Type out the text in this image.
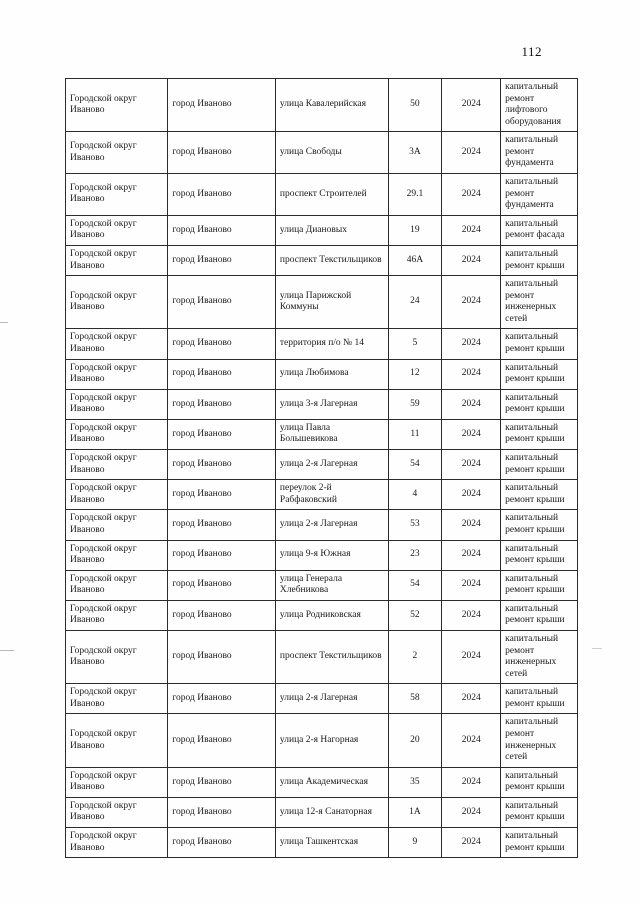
112
Городской округ Иваново	город Иваново	улица Кавалерийская	50	2024	капитальный ремонт лифтового оборудования
Городской округ Иваново	город Иваново	улица Свободы	3А	2024	капитальный ремонт фундамента
Городской округ Иваново	город Иваново	проспект Строителей	29.1	2024	капитальный ремонт фундамента
Городской округ Иваново	город Иваново	улица Диановых	19	2024	капитальный ремонт фасада
Городской округ Иваново	город Иваново	проспект Текстильщиков	46А	2024	капитальный ремонт крыши
Городской округ Иваново	город Иваново	улица Парижской Коммуны	24	2024	капитальный ремонт инженерных сетей
Городской округ Иваново	город Иваново	территория п/о № 14	5	2024	капитальный ремонт крыши
Городской округ Иваново	город Иваново	улица Любимова	12	2024	капитальный ремонт крыши
Городской округ Иваново	город Иваново	улица 3-я Лагерная	59	2024	капитальный ремонт крыши
Городской округ Иваново	город Иваново	улица Павла Большевикова	11	2024	капитальный ремонт крыши
Городской округ Иваново	город Иваново	улица 2-я Лагерная	54	2024	капитальный ремонт крыши
Городской округ Иваново	город Иваново	переулок 2-й Рабфаковский	4	2024	капитальный ремонт крыши
Городской округ Иваново	город Иваново	улица 2-я Лагерная	53	2024	капитальный ремонт крыши
Городской округ Иваново	город Иваново	улица 9-я Южная	23	2024	капитальный ремонт крыши
Городской округ Иваново	город Иваново	улица Генерала Хлебникова	54	2024	капитальный ремонт крыши
Городской округ Иваново	город Иваново	улица Родниковская	52	2024	капитальный ремонт крыши
Городской округ Иваново	город Иваново	проспект Текстильщиков	2	2024	капитальный ремонт инженерных сетей
Городской округ Иваново	город Иваново	улица 2-я Лагерная	58	2024	капитальный ремонт крыши
Городской округ Иваново	город Иваново	улица 2-я Нагорная	20	2024	капитальный ремонт инженерных сетей
Городской округ Иваново	город Иваново	улица Академическая	35	2024	капитальный ремонт крыши
Городской округ Иваново	город Иваново	улица 12-я Санаторная	1А	2024	капитальный ремонт крыши
Городской округ Иваново	город Иваново	улица Ташкентская	9	2024	капитальный ремонт крыши
